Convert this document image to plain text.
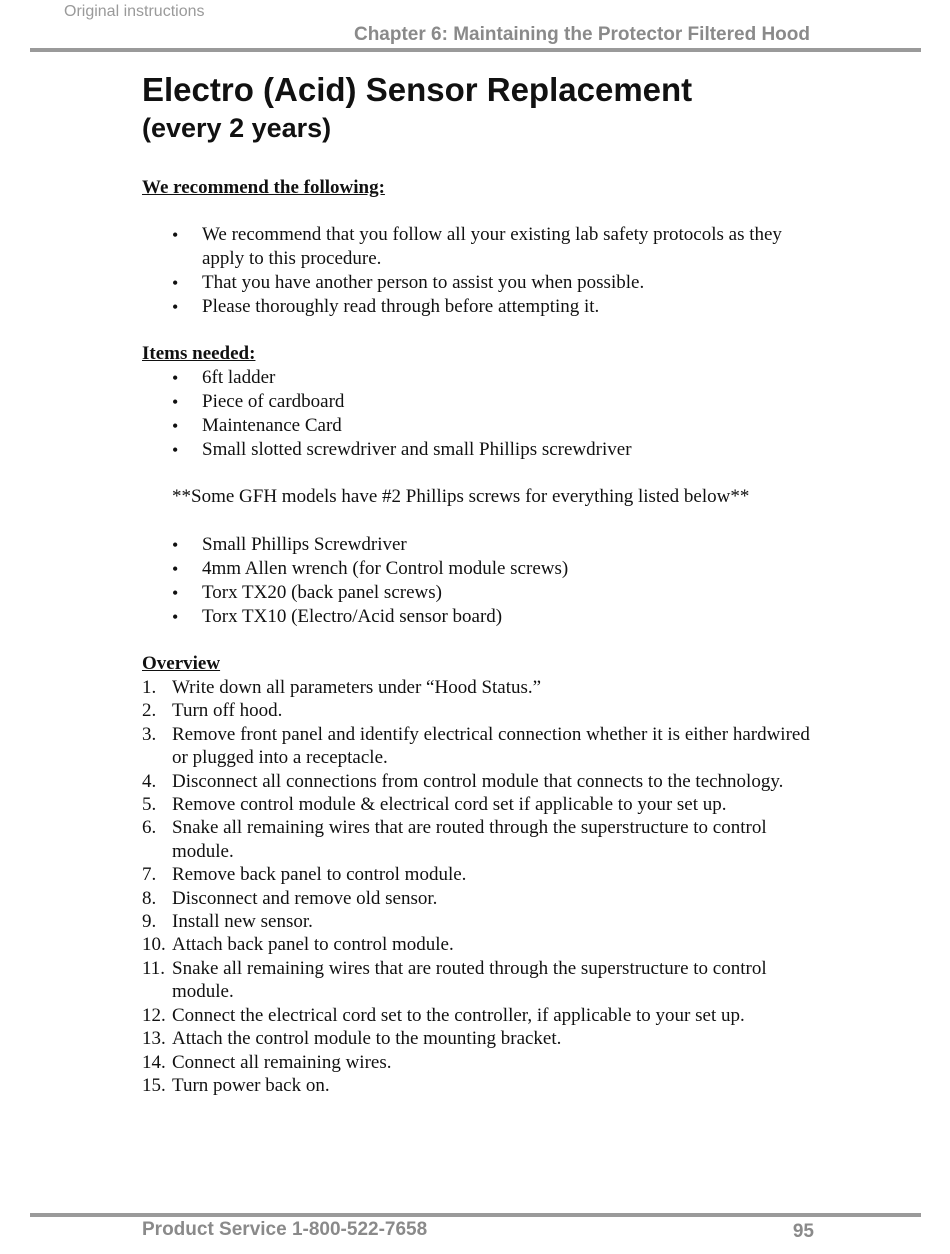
Original instructions
Chapter 6: Maintaining the Protector Filtered Hood
Electro (Acid) Sensor Replacement
(every 2 years)

We recommend the following:

• We recommend that you follow all your existing lab safety protocols as they apply to this procedure.
• That you have another person to assist you when possible.
• Please thoroughly read through before attempting it.

Items needed:

• 6ft ladder
• Piece of cardboard
• Maintenance Card
• Small slotted screwdriver and small Phillips screwdriver

**Some GFH models have #2 Phillips screws for everything listed below**

• Small Phillips Screwdriver
• 4mm Allen wrench (for Control module screws)
• Torx TX20 (back panel screws)
• Torx TX10 (Electro/Acid sensor board)

Overview

1. Write down all parameters under “Hood Status.”
2. Turn off hood.
3. Remove front panel and identify electrical connection whether it is either hardwired or plugged into a receptacle.
4. Disconnect all connections from control module that connects to the technology.
5. Remove control module & electrical cord set if applicable to your set up.
6. Snake all remaining wires that are routed through the superstructure to control module.
7. Remove back panel to control module.
8. Disconnect and remove old sensor.
9. Install new sensor.
10. Attach back panel to control module.
11. Snake all remaining wires that are routed through the superstructure to control module.
12. Connect the electrical cord set to the controller, if applicable to your set up.
13. Attach the control module to the mounting bracket.
14. Connect all remaining wires.
15. Turn power back on.
Product Service 1-800-522-7658	95
